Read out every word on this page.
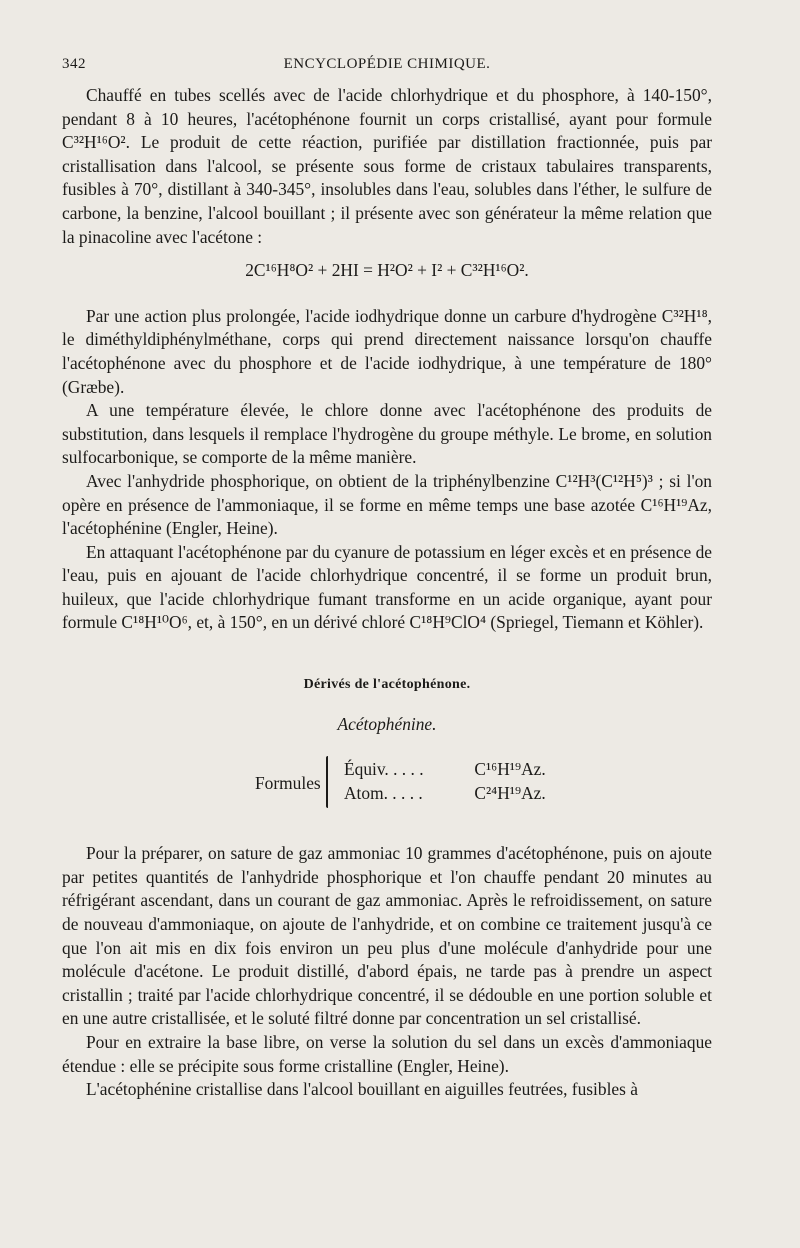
342	ENCYCLOPÉDIE CHIMIQUE.

Chauffé en tubes scellés avec de l'acide chlorhydrique et du phosphore, à 140-150°, pendant 8 à 10 heures, l'acétophénone fournit un corps cristallisé, ayant pour formule C³²H¹⁶O². Le produit de cette réaction, purifiée par distillation fractionnée, puis par cristallisation dans l'alcool, se présente sous forme de cristaux tabulaires transparents, fusibles à 70°, distillant à 340-345°, insolubles dans l'eau, solubles dans l'éther, le sulfure de carbone, la benzine, l'alcool bouillant ; il présente avec son générateur la même relation que la pinacoline avec l'acétone :

2C¹⁶H⁸O² + 2HI = H²O² + I² + C³²H¹⁶O².

Par une action plus prolongée, l'acide iodhydrique donne un carbure d'hydrogène C³²H¹⁸, le diméthyldiphénylméthane, corps qui prend directement naissance lorsqu'on chauffe l'acétophénone avec du phosphore et de l'acide iodhydrique, à une température de 180° (Græbe).

A une température élevée, le chlore donne avec l'acétophénone des produits de substitution, dans lesquels il remplace l'hydrogène du groupe méthyle. Le brome, en solution sulfocarbonique, se comporte de la même manière.

Avec l'anhydride phosphorique, on obtient de la triphénylbenzine C¹²H³(C¹²H⁵)³ ; si l'on opère en présence de l'ammoniaque, il se forme en même temps une base azotée C¹⁶H¹⁹Az, l'acétophénine (Engler, Heine).

En attaquant l'acétophénone par du cyanure de potassium en léger excès et en présence de l'eau, puis en ajouant de l'acide chlorhydrique concentré, il se forme un produit brun, huileux, que l'acide chlorhydrique fumant transforme en un acide organique, ayant pour formule C¹⁸H¹⁰O⁶, et, à 150°, en un dérivé chloré C¹⁸H⁹ClO⁴ (Spriegel, Tiemann et Köhler).

Dérivés de l'acétophénone.
Acétophénine.
Formules
Équiv. . . . .	C¹⁶H¹⁹Az.
Atom. . . . .	C²⁴H¹⁹Az.

Pour la préparer, on sature de gaz ammoniac 10 grammes d'acétophénone, puis on ajoute par petites quantités de l'anhydride phosphorique et l'on chauffe pendant 20 minutes au réfrigérant ascendant, dans un courant de gaz ammoniac. Après le refroidissement, on sature de nouveau d'ammoniaque, on ajoute de l'anhydride, et on combine ce traitement jusqu'à ce que l'on ait mis en dix fois environ un peu plus d'une molécule d'anhydride pour une molécule d'acétone. Le produit distillé, d'abord épais, ne tarde pas à prendre un aspect cristallin ; traité par l'acide chlorhydrique concentré, il se dédouble en une portion soluble et en une autre cristallisée, et le soluté filtré donne par concentration un sel cristallisé.

Pour en extraire la base libre, on verse la solution du sel dans un excès d'ammoniaque étendue : elle se précipite sous forme cristalline (Engler, Heine).

L'acétophénine cristallise dans l'alcool bouillant en aiguilles feutrées, fusibles à
